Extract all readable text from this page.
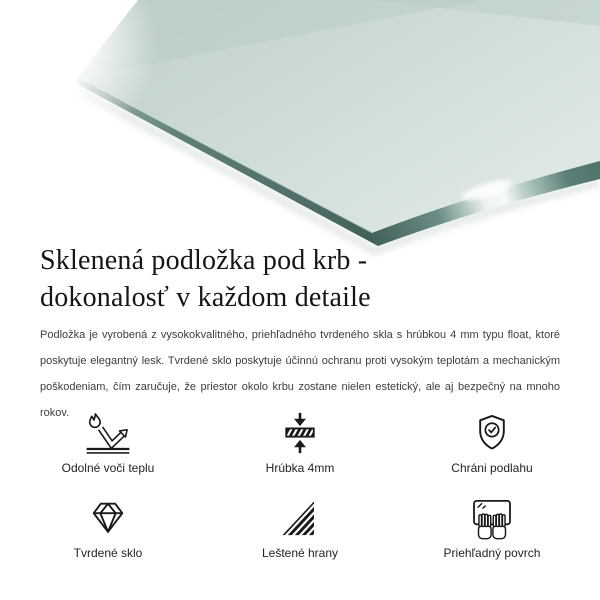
Sklenená podložka pod krb -
dokonalosť v každom detaile
Podložka je vyrobená z vysokokvalitného, priehľadného tvrdeného skla s hrúbkou 4 mm typu float, ktoré
poskytuje elegantný lesk. Tvrdené sklo poskytuje účinnú ochranu proti vysokým teplotám a mechanickým
poškodeniam, čím zaručuje, že priestor okolo krbu zostane nielen estetický, ale aj bezpečný na mnoho rokov.
Odolné voči teplu	Hrúbka 4mm	Chráni podlahu
Tvrdené sklo	Leštené hrany	Priehľadný povrch
